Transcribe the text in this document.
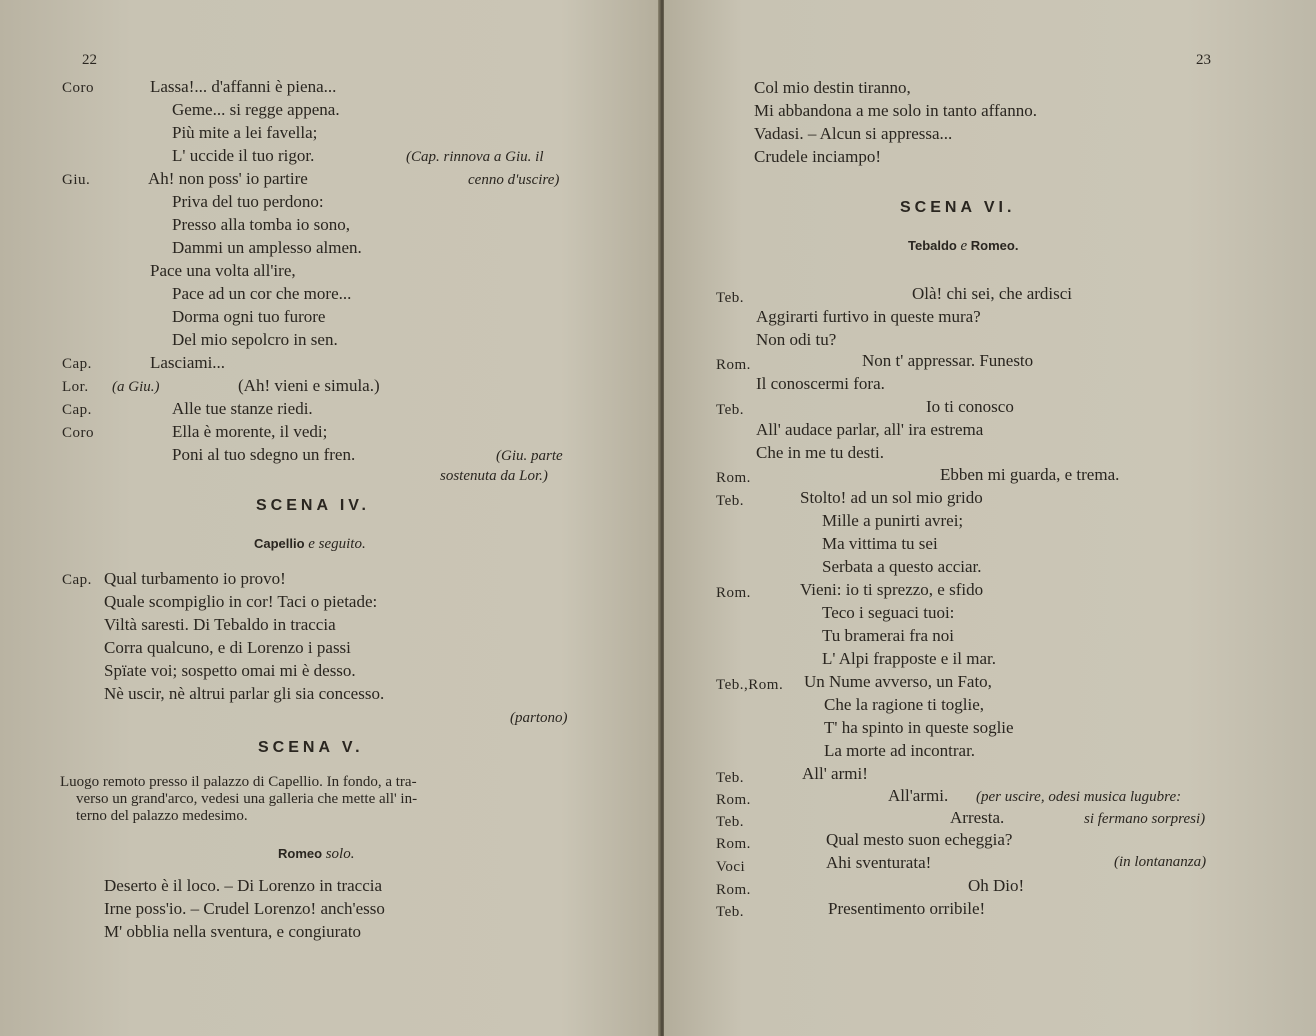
22
Coro	Lassa!... d'affanni è piena...
Geme... si regge appena.
Più mite a lei favella;
L' uccide il tuo rigor.	(Cap. rinnova a Giu. il
Giu.	Ah! non poss' io partire	cenno d'uscire)
Priva del tuo perdono:
Presso alla tomba io sono,
Dammi un amplesso almen.
Pace una volta all'ire,
Pace ad un cor che more...
Dorma ogni tuo furore
Del mio sepolcro in sen.
Cap.	Lasciami...
Lor. (a Giu.)	(Ah! vieni e simula.)
Cap.	Alle tue stanze riedi.
Coro	Ella è morente, il vedi;
Poni al tuo sdegno un fren.	(Giu. parte
sostenuta da Lor.)
SCENA IV.
Capellio e seguito.
Cap. Qual turbamento io provo!
Quale scompiglio in cor! Taci o pietade:
Viltà saresti. Di Tebaldo in traccia
Corra qualcuno, e di Lorenzo i passi
Spïate voi; sospetto omai mi è desso.
Nè uscir, nè altrui parlar gli sia concesso.
(partono)
SCENA V.
Luogo remoto presso il palazzo di Capellio. In fondo, a tra-
verso un grand'arco, vedesi una galleria che mette all' in-
terno del palazzo medesimo.
Romeo solo.
Deserto è il loco. – Di Lorenzo in traccia
Irne poss'io. – Crudel Lorenzo! anch'esso
M' obblia nella sventura, e congiurato
23
Col mio destin tiranno,
Mi abbandona a me solo in tanto affanno.
Vadasi. – Alcun si appressa...
Crudele inciampo!
SCENA VI.
Tebaldo e Romeo.
Teb.	Olà! chi sei, che ardisci
Aggirarti furtivo in queste mura?
Non odi tu?
Rom.	Non t' appressar. Funesto
Il conoscermi fora.
Teb.	Io ti conosco
All' audace parlar, all' ira estrema
Che in me tu desti.
Rom.	Ebben mi guarda, e trema.
Teb.	Stolto! ad un sol mio grido
Mille a punirti avrei;
Ma vittima tu sei
Serbata a questo acciar.
Rom.	Vieni: io ti sprezzo, e sfido
Teco i seguaci tuoi:
Tu bramerai fra noi
L' Alpi frapposte e il mar.
Teb.,Rom. Un Nume avverso, un Fato,
Che la ragione ti toglie,
T' ha spinto in queste soglie
La morte ad incontrar.
Teb.	All' armi!
Rom.	All'armi. (per uscire, odesi musica lugubre:
Teb.	Arresta.	si fermano sorpresi)
Rom.	Qual mesto suon echeggia?
Voci	Ahi sventurata!	(in lontananza)
Rom.	Oh Dio!
Teb.	Presentimento orribile!
